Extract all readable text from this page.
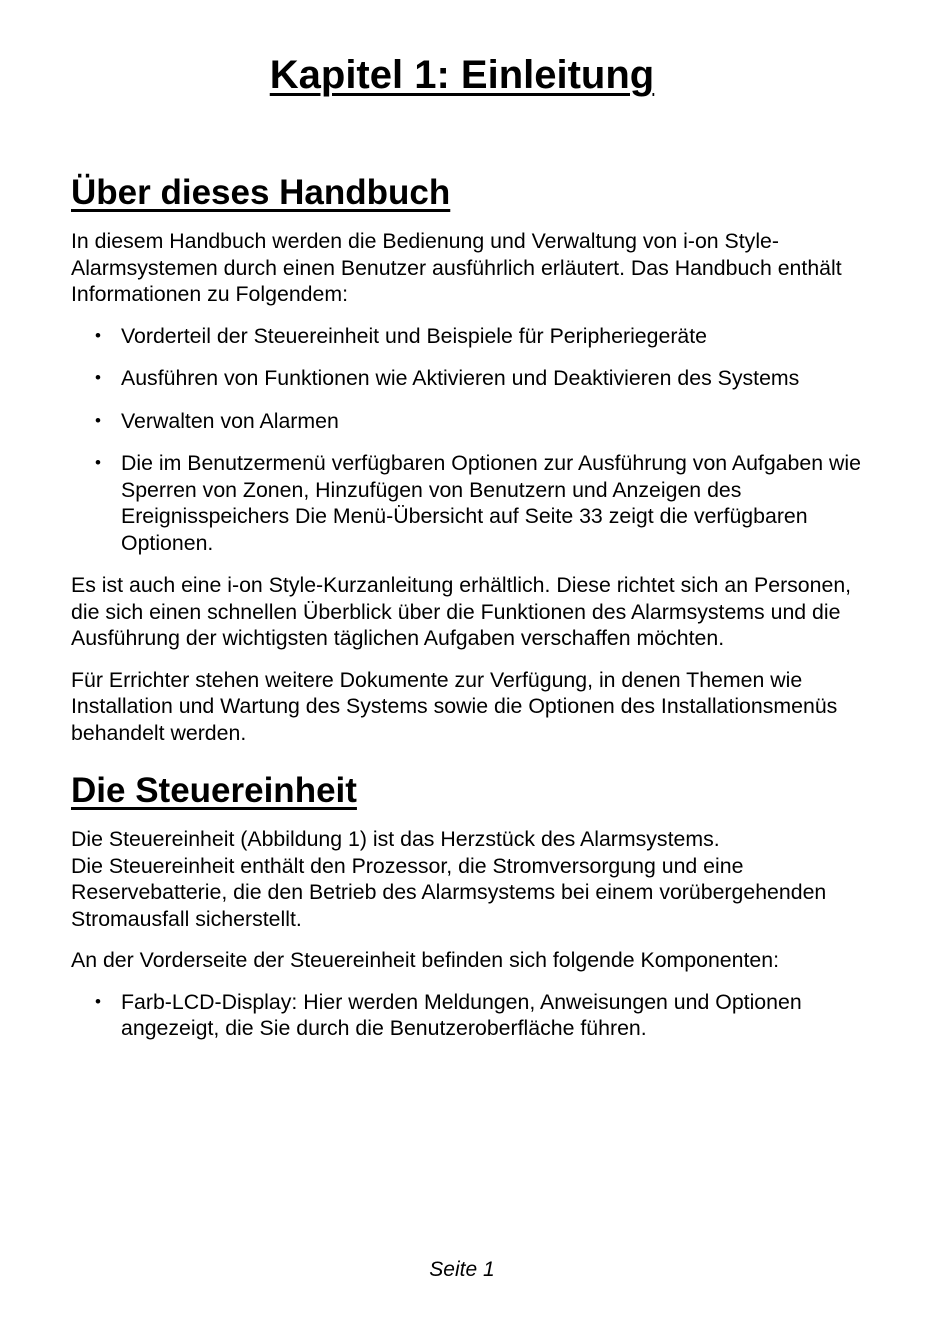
Kapitel 1: Einleitung
Über dieses Handbuch

In diesem Handbuch werden die Bedienung und Verwaltung von i-on Style-Alarmsystemen durch einen Benutzer ausführlich erläutert. Das Handbuch enthält Informationen zu Folgendem:

• Vorderteil der Steuereinheit und Beispiele für Peripheriegeräte
• Ausführen von Funktionen wie Aktivieren und Deaktivieren des Systems
• Verwalten von Alarmen
• Die im Benutzermenü verfügbaren Optionen zur Ausführung von Aufgaben wie Sperren von Zonen, Hinzufügen von Benutzern und Anzeigen des Ereignisspeichers Die Menü-Übersicht auf Seite 33 zeigt die verfügbaren Optionen.

Es ist auch eine i-on Style-Kurzanleitung erhältlich. Diese richtet sich an Personen, die sich einen schnellen Überblick über die Funktionen des Alarmsystems und die Ausführung der wichtigsten täglichen Aufgaben verschaffen möchten.

Für Errichter stehen weitere Dokumente zur Verfügung, in denen Themen wie Installation und Wartung des Systems sowie die Optionen des Installationsmenüs behandelt werden.

Die Steuereinheit

Die Steuereinheit (Abbildung 1) ist das Herzstück des Alarmsystems.
Die Steuereinheit enthält den Prozessor, die Stromversorgung und eine Reservebatterie, die den Betrieb des Alarmsystems bei einem vorübergehenden Stromausfall sicherstellt.

An der Vorderseite der Steuereinheit befinden sich folgende Komponenten:

• Farb-LCD-Display: Hier werden Meldungen, Anweisungen und Optionen angezeigt, die Sie durch die Benutzeroberfläche führen.
Seite 1
